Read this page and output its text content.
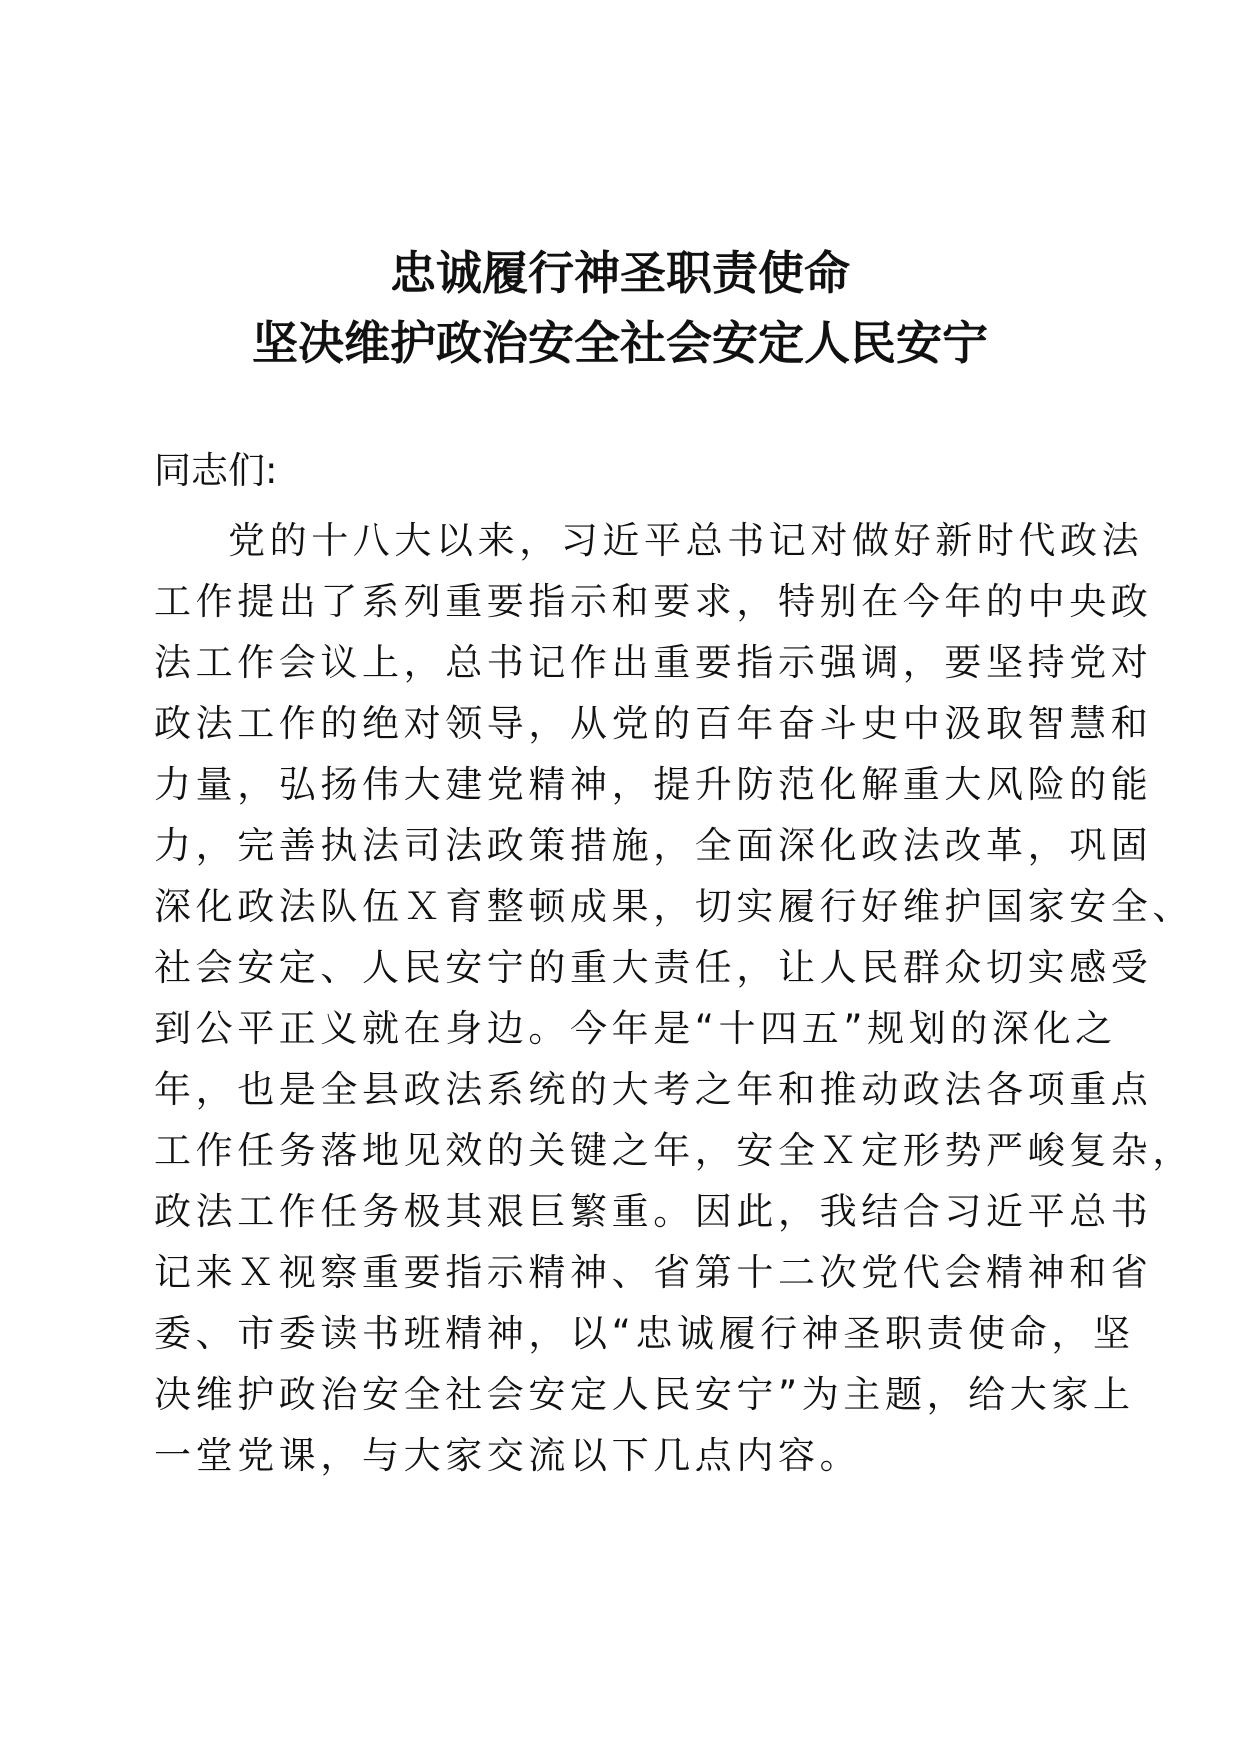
忠诚履行神圣职责使命
坚决维护政治安全社会安定人民安宁
同志们:
党的十八大以来，习近平总书记对做好新时代政法
工作提出了系列重要指示和要求，特别在今年的中央政
法工作会议上，总书记作出重要指示强调，要坚持党对
政法工作的绝对领导，从党的百年奋斗史中汲取智慧和
力量，弘扬伟大建党精神，提升防范化解重大风险的能
力，完善执法司法政策措施，全面深化政法改革，巩固
深化政法队伍Ｘ育整顿成果，切实履行好维护国家安全、
社会安定、人民安宁的重大责任，让人民群众切实感受
到公平正义就在身边。今年是“十四五”规划的深化之
年，也是全县政法系统的大考之年和推动政法各项重点
工作任务落地见效的关键之年，安全Ｘ定形势严峻复杂，
政法工作任务极其艰巨繁重。因此，我结合习近平总书
记来Ｘ视察重要指示精神、省第十二次党代会精神和省
委、市委读书班精神，以“忠诚履行神圣职责使命，坚
决维护政治安全社会安定人民安宁”为主题，给大家上
一堂党课，与大家交流以下几点内容。
